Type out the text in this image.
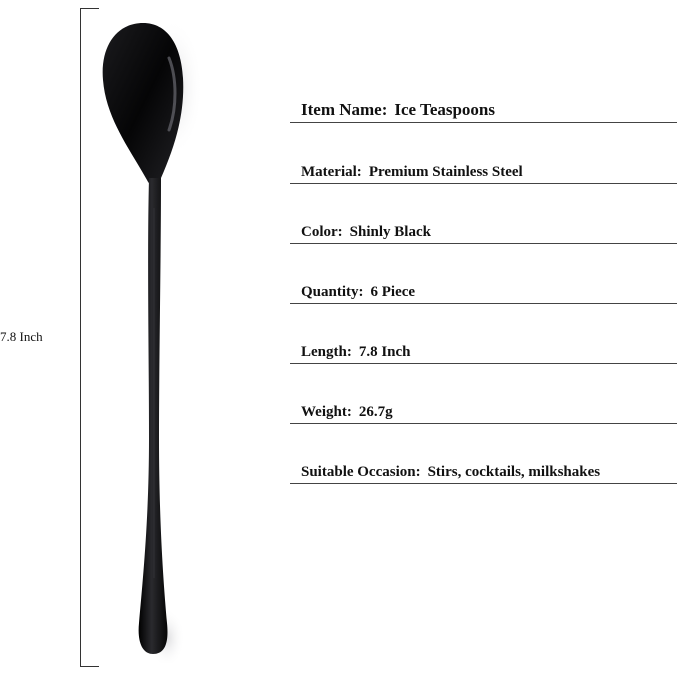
7.8 Inch
Item Name: Ice Teaspoons
Material: Premium Stainless Steel
Color: Shinly Black
Quantity: 6 Piece
Length: 7.8 Inch
Weight: 26.7g
Suitable Occasion: Stirs, cocktails, milkshakes
